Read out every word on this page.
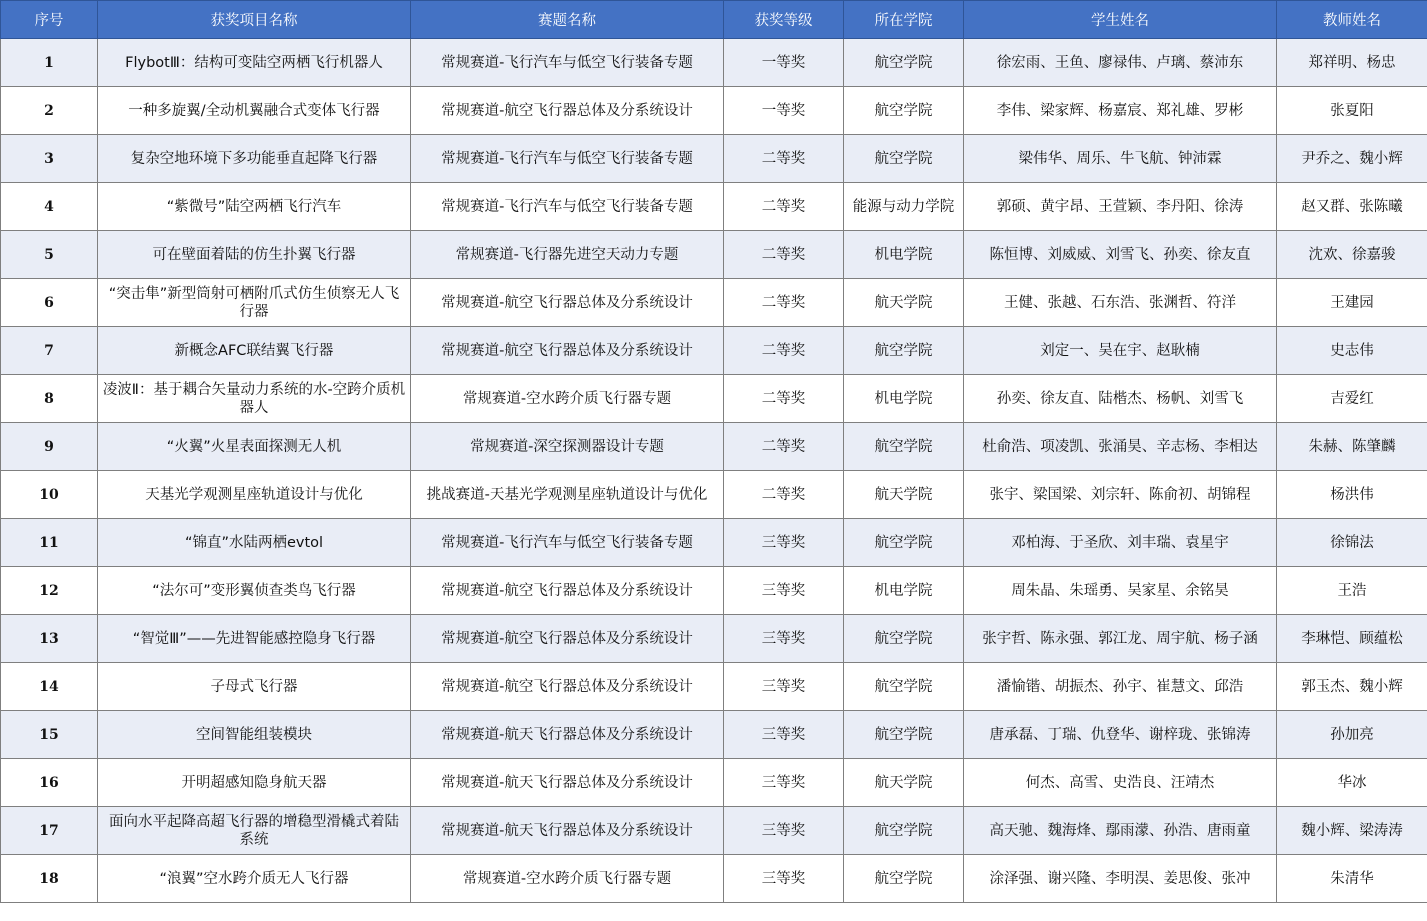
序号	获奖项目名称	赛题名称	获奖等级	所在学院	学生姓名	教师姓名
1	FlybotⅢ：结构可变陆空两栖飞行机器人	常规赛道-飞行汽车与低空飞行装备专题	一等奖	航空学院	徐宏雨、王鱼、廖禄伟、卢璃、蔡沛东	郑祥明、杨忠
2	一种多旋翼/全动机翼融合式变体飞行器	常规赛道-航空飞行器总体及分系统设计	一等奖	航空学院	李伟、梁家辉、杨嘉宸、郑礼雄、罗彬	张夏阳
3	复杂空地环境下多功能垂直起降飞行器	常规赛道-飞行汽车与低空飞行装备专题	二等奖	航空学院	梁伟华、周乐、牛飞航、钟沛霖	尹乔之、魏小辉
4	“紫微号”陆空两栖飞行汽车	常规赛道-飞行汽车与低空飞行装备专题	二等奖	能源与动力学院	郭硕、黄宇昂、王萱颖、李丹阳、徐涛	赵又群、张陈曦
5	可在壁面着陆的仿生扑翼飞行器	常规赛道-飞行器先进空天动力专题	二等奖	机电学院	陈恒博、刘威威、刘雪飞、孙奕、徐友直	沈欢、徐嘉骏
6	“突击隼”新型筒射可栖附爪式仿生侦察无人飞行器	常规赛道-航空飞行器总体及分系统设计	二等奖	航天学院	王健、张越、石东浩、张渊哲、符洋	王建园
7	新概念AFC联结翼飞行器	常规赛道-航空飞行器总体及分系统设计	二等奖	航空学院	刘定一、吴在宇、赵耿楠	史志伟
8	凌波Ⅱ：基于耦合矢量动力系统的水-空跨介质机器人	常规赛道-空水跨介质飞行器专题	二等奖	机电学院	孙奕、徐友直、陆楷杰、杨帆、刘雪飞	吉爱红
9	“火翼”火星表面探测无人机	常规赛道-深空探测器设计专题	二等奖	航空学院	杜俞浩、项凌凯、张涌昊、辛志杨、李相达	朱赫、陈肇麟
10	天基光学观测星座轨道设计与优化	挑战赛道-天基光学观测星座轨道设计与优化	二等奖	航天学院	张宇、梁国梁、刘宗轩、陈俞初、胡锦程	杨洪伟
11	“锦直”水陆两栖evtol	常规赛道-飞行汽车与低空飞行装备专题	三等奖	航空学院	邓柏海、于圣欣、刘丰瑞、袁星宇	徐锦法
12	“法尔可”变形翼侦查类鸟飞行器	常规赛道-航空飞行器总体及分系统设计	三等奖	机电学院	周朱晶、朱瑶勇、吴家星、余铭昊	王浩
13	“智觉Ⅲ”——先进智能感控隐身飞行器	常规赛道-航空飞行器总体及分系统设计	三等奖	航空学院	张宇哲、陈永强、郭江龙、周宇航、杨子涵	李琳恺、顾蕴松
14	子母式飞行器	常规赛道-航空飞行器总体及分系统设计	三等奖	航空学院	潘愉锴、胡振杰、孙宇、崔慧文、邱浩	郭玉杰、魏小辉
15	空间智能组装模块	常规赛道-航天飞行器总体及分系统设计	三等奖	航空学院	唐承磊、丁瑞、仇登华、谢梓珑、张锦涛	孙加亮
16	开明超感知隐身航天器	常规赛道-航天飞行器总体及分系统设计	三等奖	航天学院	何杰、高雪、史浩良、汪靖杰	华冰
17	面向水平起降高超飞行器的增稳型滑橇式着陆系统	常规赛道-航天飞行器总体及分系统设计	三等奖	航空学院	高天驰、魏海烽、鄢雨濛、孙浩、唐雨童	魏小辉、梁涛涛
18	“浪翼”空水跨介质无人飞行器	常规赛道-空水跨介质飞行器专题	三等奖	航空学院	涂泽强、谢兴隆、李明淏、姜思俊、张冲	朱清华
